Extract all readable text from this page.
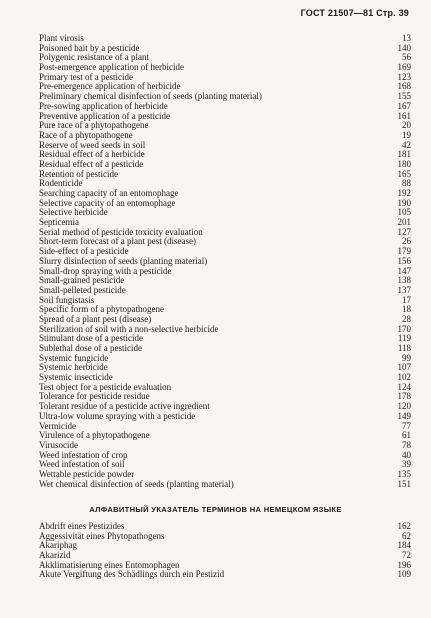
ГОСТ 21507—81 Стр. 39
Plant virosis	13
Poisoned bait by a pesticide	140
Polygenic resistance of a plant	56
Post-emergence application of herbicide	169
Primary test of a pesticide	123
Pre-emergence application of herbicide	168
Preliminary chemical disinfection of seeds (planting material)	155
Pre-sowing application of herbicide	167
Preventive application of a pesticide	161
Pure race of a phytopathogene	20
Race of a phytopathogene	19
Reserve of weed seeds in soil	42
Residual effect of a herbicide	181
Residual effect of a pesticide	180
Retention of pesticide	165
Rodenticide	88
Searching capacity of an entomophage	192
Selective capacity of an entomophage	190
Selective herbicide	105
Septicemia	201
Serial method of pesticide toxicity evaluation	127
Short-term forecast of a plant pest (disease)	26
Side-effect of a pesticide	179
Slurry disinfection of seeds (planting material)	156
Small-drop spraying with a pesticide	147
Small-grained pesticide	138
Small-pelleted pesticide	137
Soil fungistasis	17
Specific form of a phytopathogene	18
Spread of a plant pest (disease)	28
Sterilization of soil with a non-selective herbicide	170
Stimulant dose of a pesticide	119
Sublethal dose of a pesticide	118
Systemic fungicide	99
Systemic herbicide	107
Systemic insecticide	102
Test object for a pesticide evaluation	124
Tolerance for pesticide residue	178
Tolerant residue of a pesticide active ingredient	120
Ultra-low volume spraying with a pesticide	149
Vermicide	77
Virulence of a phytopathogene	61
Virusocide	78
Weed infestation of crop	40
Weed infestation of soil	39
Wettable pesticide powder	135
Wet chemical disinfection of seeds (planting material)	151
АЛФАВИТНЫЙ УКАЗАТЕЛЬ ТЕРМИНОВ НА НЕМЕЦКОМ ЯЗЫКЕ
Abdrift eines Pestizides	162
Aggessivität eines Phytopathogens	62
Akariphag	184
Akarizid	72
Akklimatisierung eines Entomophagen	196
Akute Vergiftung des Schädlings durch ein Pestizid	109
